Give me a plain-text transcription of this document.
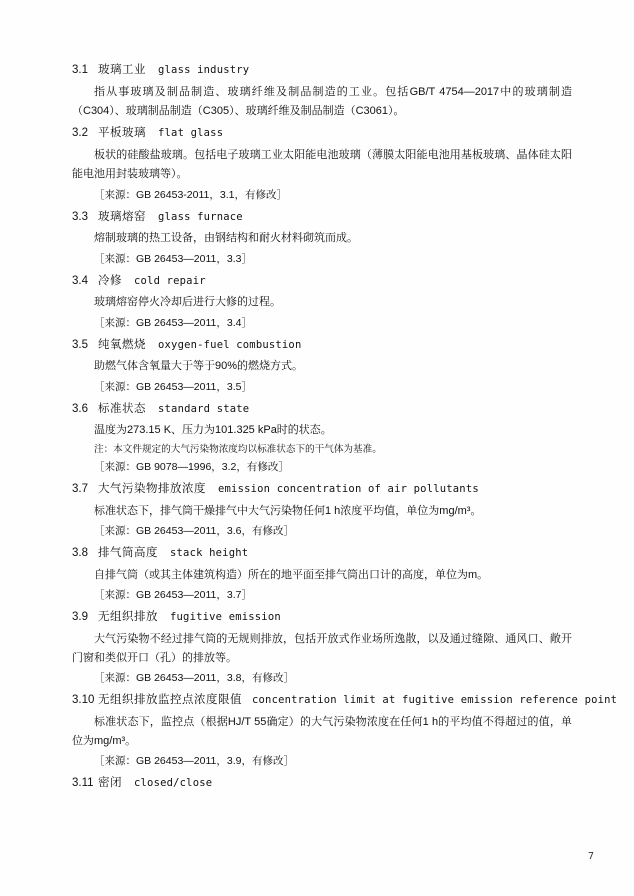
3.1 玻璃工业 glass industry
指从事玻璃及制品制造、玻璃纤维及制品制造的工业。包括GB/T 4754—2017中的玻璃制造（C304）、玻璃制品制造（C305）、玻璃纤维及制品制造（C3061）。
3.2 平板玻璃 flat glass
板状的硅酸盐玻璃。包括电子玻璃工业太阳能电池玻璃（薄膜太阳能电池用基板玻璃、晶体硅太阳能电池用封装玻璃等）。
［来源：GB 26453-2011，3.1，有修改］
3.3 玻璃熔窑 glass furnace
熔制玻璃的热工设备，由钢结构和耐火材料砌筑而成。
［来源：GB 26453—2011，3.3］
3.4 冷修 cold repair
玻璃熔窑停火冷却后进行大修的过程。
［来源：GB 26453—2011，3.4］
3.5 纯氧燃烧 oxygen-fuel combustion
助燃气体含氧量大于等于90%的燃烧方式。
［来源：GB 26453—2011，3.5］
3.6 标准状态 standard state
温度为273.15 K、压力为101.325 kPa时的状态。
注：本文件规定的大气污染物浓度均以标准状态下的干气体为基准。
［来源：GB 9078—1996，3.2，有修改］
3.7 大气污染物排放浓度 emission concentration of air pollutants
标准状态下，排气筒干燥排气中大气污染物任何1 h浓度平均值，单位为mg/m³。
［来源：GB 26453—2011，3.6，有修改］
3.8 排气筒高度 stack height
自排气筒（或其主体建筑构造）所在的地平面至排气筒出口计的高度，单位为m。
［来源：GB 26453—2011，3.7］
3.9 无组织排放 fugitive emission
大气污染物不经过排气筒的无规则排放，包括开放式作业场所逸散，以及通过缝隙、通风口、敞开门窗和类似开口（孔）的排放等。
［来源：GB 26453—2011，3.8，有修改］
3.10 无组织排放监控点浓度限值 concentration limit at fugitive emission reference point
标准状态下，监控点（根据HJ/T 55确定）的大气污染物浓度在任何1 h的平均值不得超过的值，单位为mg/m³。
［来源：GB 26453—2011，3.9，有修改］
3.11 密闭 closed/close
7
